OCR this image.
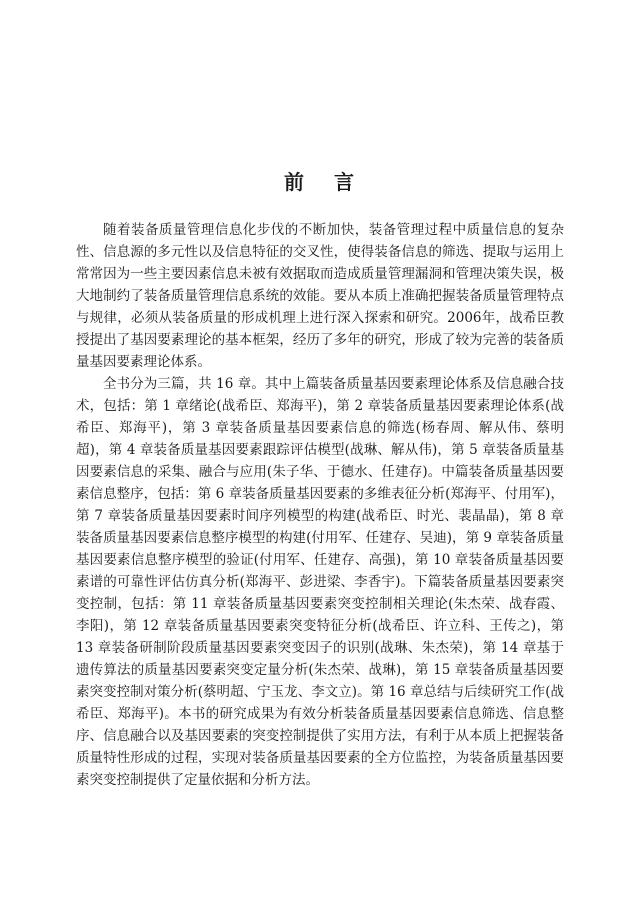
前言

随着装备质量管理信息化步伐的不断加快，装备管理过程中质量信息的复杂性、信息源的多元性以及信息特征的交叉性，使得装备信息的筛选、提取与运用上常常因为一些主要因素信息未被有效据取而造成质量管理漏洞和管理决策失误，极大地制约了装备质量管理信息系统的效能。要从本质上准确把握装备质量管理特点与规律，必须从装备质量的形成机理上进行深入探索和研究。2006年，战希臣教授提出了基因要素理论的基本框架，经历了多年的研究，形成了较为完善的装备质量基因要素理论体系。

全书分为三篇，共 16 章。其中上篇装备质量基因要素理论体系及信息融合技术，包括：第 1 章绪论(战希臣、郑海平)，第 2 章装备质量基因要素理论体系(战希臣、郑海平)，第 3 章装备质量基因要素信息的筛选(杨春周、解从伟、蔡明超)，第 4 章装备质量基因要素跟踪评估模型(战琳、解从伟)，第 5 章装备质量基因要素信息的采集、融合与应用(朱子华、于德水、任建存)。中篇装备质量基因要素信息整序，包括：第 6 章装备质量基因要素的多维表征分析(郑海平、付用军)，第 7 章装备质量基因要素时间序列模型的构建(战希臣、时光、裴晶晶)，第 8 章装备质量基因要素信息整序模型的构建(付用军、任建存、吴迪)，第 9 章装备质量基因要素信息整序模型的验证(付用军、任建存、高强)，第 10 章装备质量基因要素谱的可靠性评估仿真分析(郑海平、彭进梁、李香宇)。下篇装备质量基因要素突变控制，包括：第 11 章装备质量基因要素突变控制相关理论(朱杰荣、战春霞、李阳)，第 12 章装备质量基因要素突变特征分析(战希臣、许立科、王传之)，第 13 章装备研制阶段质量基因要素突变因子的识别(战琳、朱杰荣)，第 14 章基于遗传算法的质量基因要素突变定量分析(朱杰荣、战琳)，第 15 章装备质量基因要素突变控制对策分析(蔡明超、宁玉龙、李文立)。第 16 章总结与后续研究工作(战希臣、郑海平)。本书的研究成果为有效分析装备质量基因要素信息筛选、信息整序、信息融合以及基因要素的突变控制提供了实用方法，有利于从本质上把握装备质量特性形成的过程，实现对装备质量基因要素的全方位监控，为装备质量基因要素突变控制提供了定量依据和分析方法。
